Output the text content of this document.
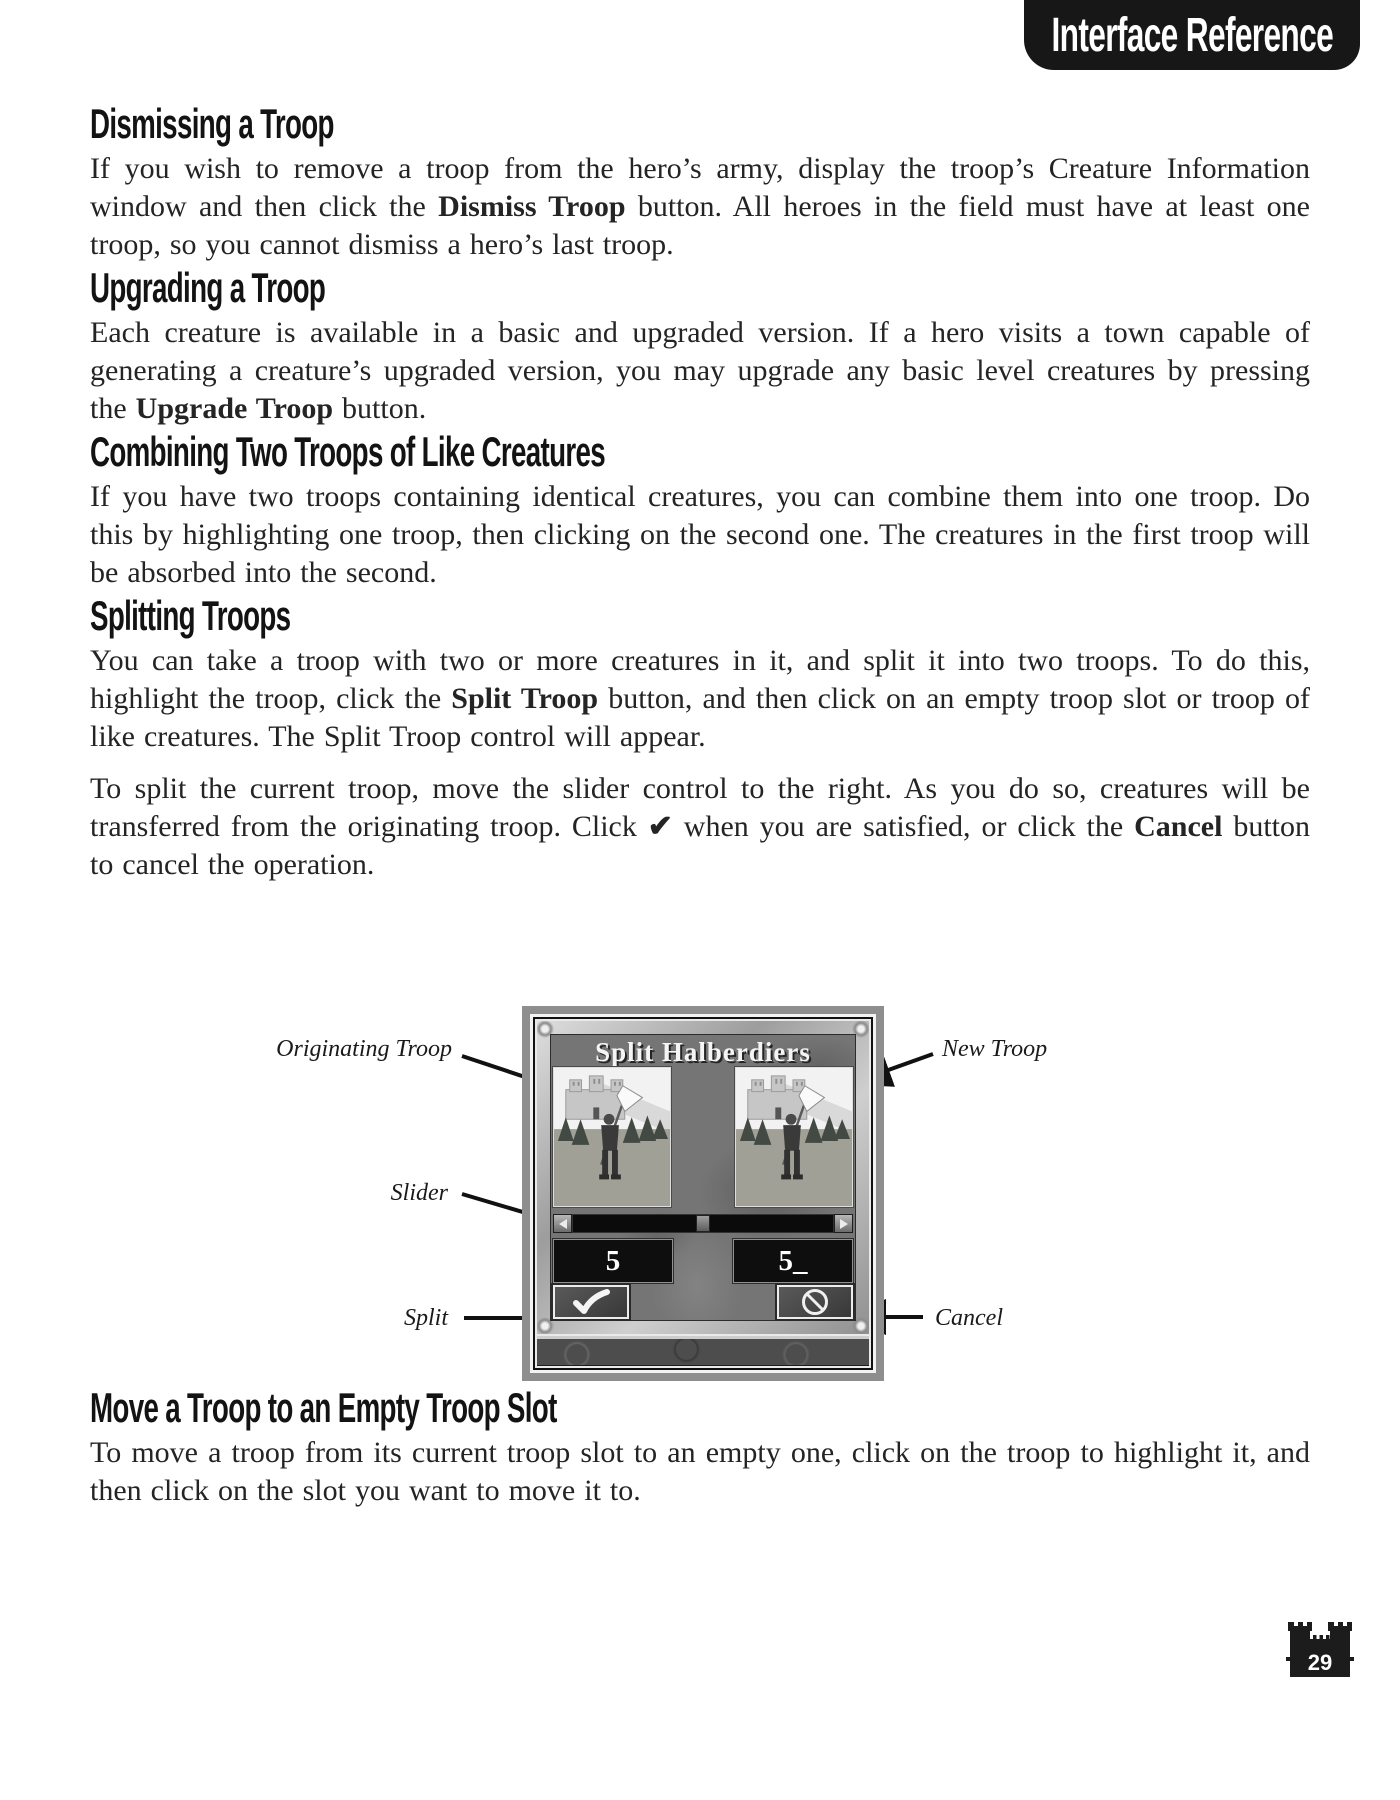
Interface Reference
Dismissing a Troop

If you wish to remove a troop from the hero’s army, display the troop’s Creature Information window and then click the Dismiss Troop button. All heroes in the field must have at least one troop, so you cannot dismiss a hero’s last troop.

Upgrading a Troop

Each creature is available in a basic and upgraded version. If a hero visits a town capable of generating a creature’s upgraded version, you may upgrade any basic level creatures by pressing the Upgrade Troop button.

Combining Two Troops of Like Creatures

If you have two troops containing identical creatures, you can combine them into one troop. Do this by highlighting one troop, then clicking on the second one. The creatures in the first troop will be absorbed into the second.

Splitting Troops

You can take a troop with two or more creatures in it, and split it into two troops. To do this, highlight the troop, click the Split Troop button, and then click on an empty troop slot or troop of like creatures. The Split Troop control will appear.

To split the current troop, move the slider control to the right. As you do so, creatures will be transferred from the originating troop. Click ✔ when you are satisfied, or click the Cancel button to cancel the operation.

Originating Troop	New Troop
Slider
Split	Cancel
Split Halberdiers
5	5_
Move a Troop to an Empty Troop Slot

To move a troop from its current troop slot to an empty one, click on the troop to highlight it, and then click on the slot you want to move it to.

29
